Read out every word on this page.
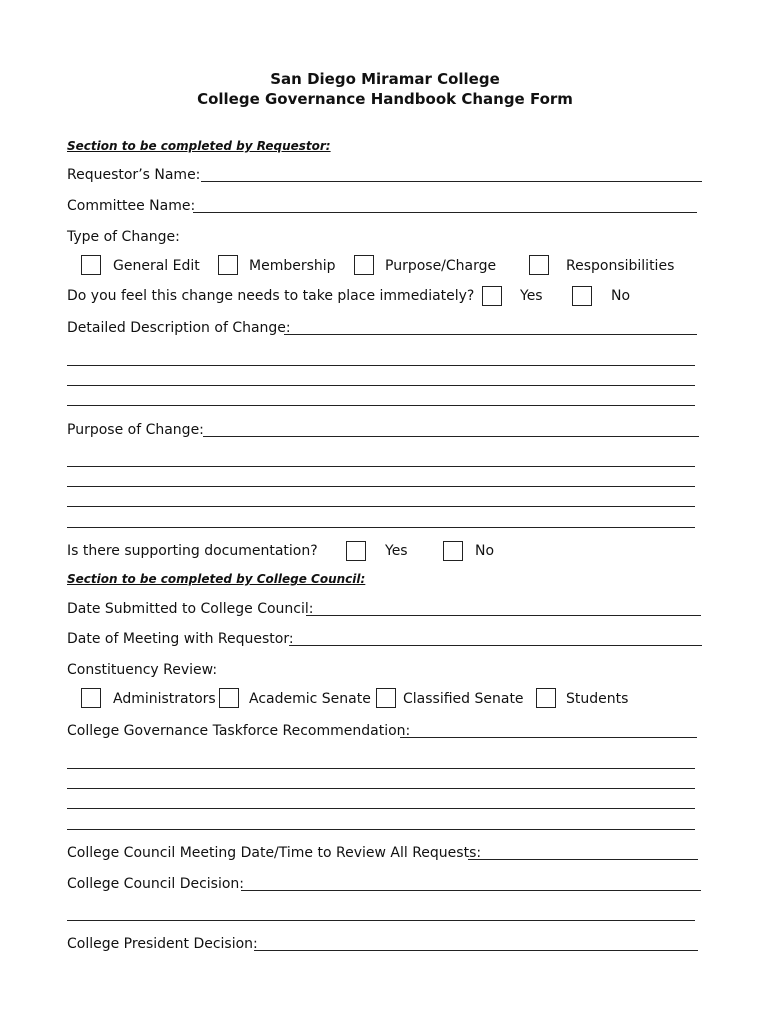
San Diego Miramar College
College Governance Handbook Change Form
Section to be completed by Requestor:
Requestor’s Name:
Committee Name:
Type of Change:
General Edit	Membership	Purpose/Charge	Responsibilities
Do you feel this change needs to take place immediately?	Yes	No
Detailed Description of Change:
Purpose of Change:
Is there supporting documentation?	Yes	No
Section to be completed by College Council:
Date Submitted to College Council:
Date of Meeting with Requestor:
Constituency Review:
Administrators Academic Senate Classified Senate	Students
College Governance Taskforce Recommendation:
College Council Meeting Date/Time to Review All Requests:
College Council Decision:
College President Decision:
